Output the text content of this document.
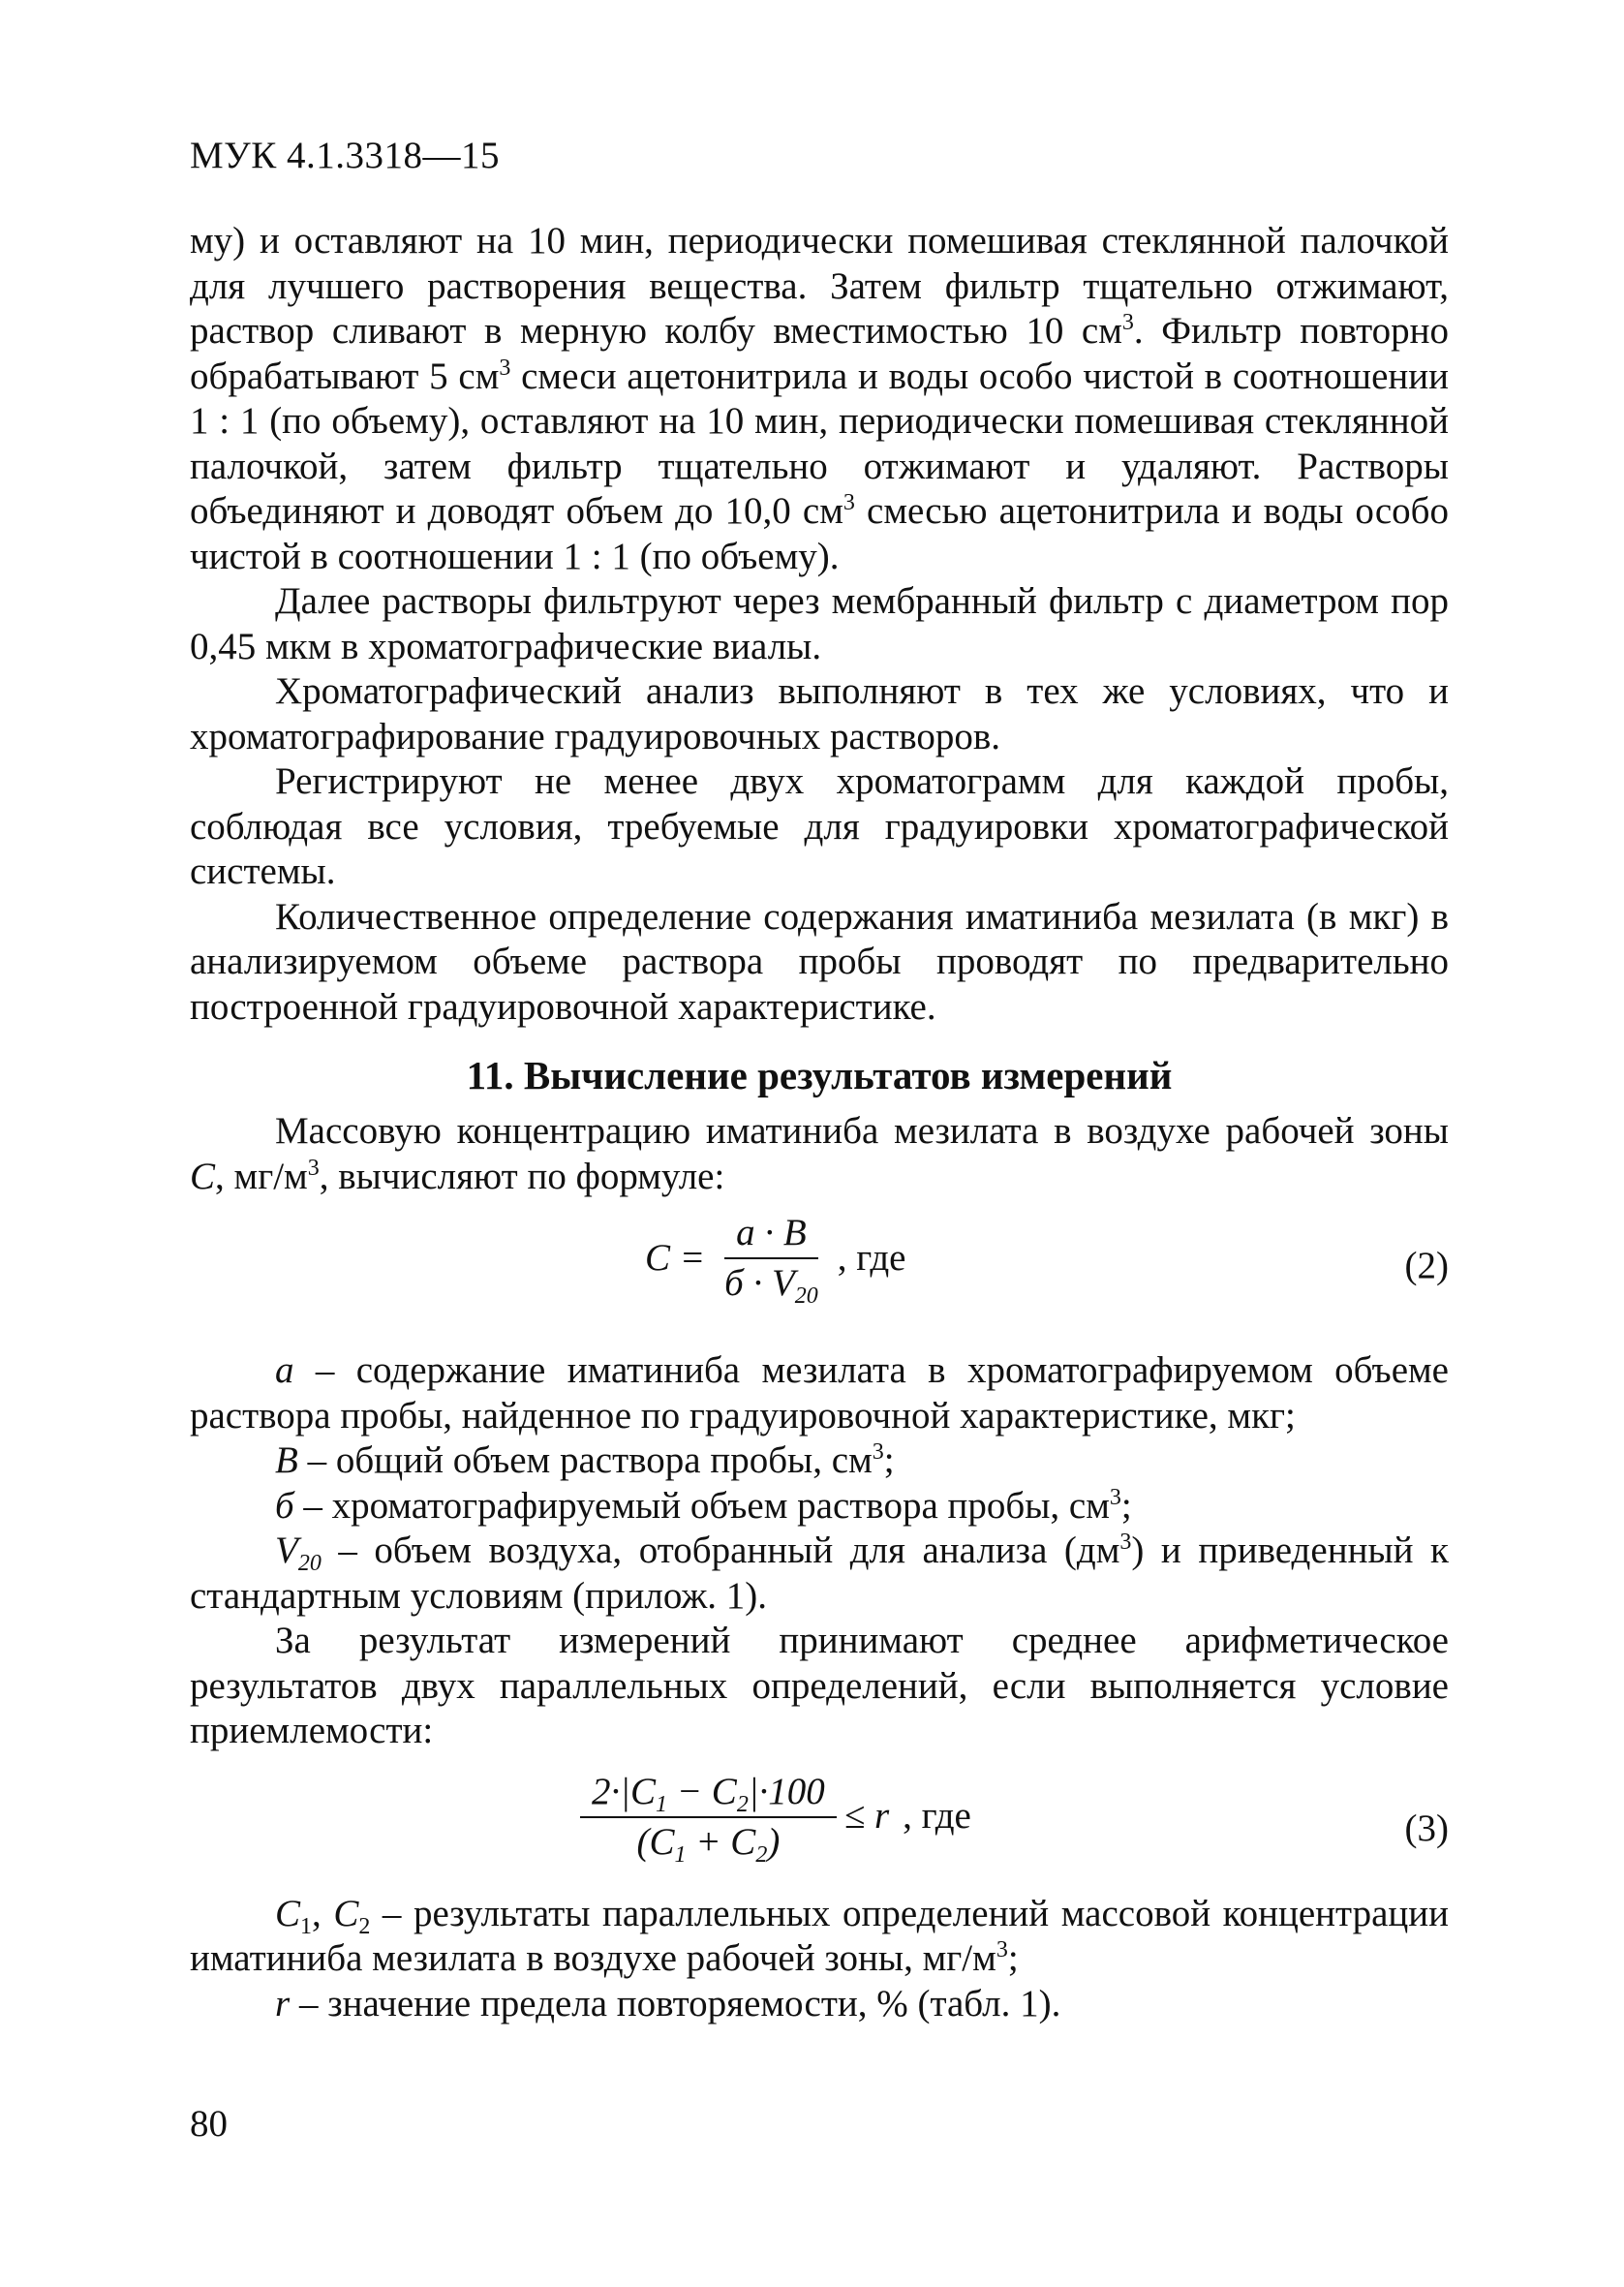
МУК 4.1.3318—15

му) и оставляют на 10 мин, периодически помешивая стеклянной палочкой для лучшего растворения вещества. Затем фильтр тщательно отжимают, раствор сливают в мерную колбу вместимостью 10 $см^3$. Фильтр повторно обрабатывают 5 $см^3$ смеси ацетонитрила и воды особо чистой в соотношении 1 : 1 (по объему), оставляют на 10 мин, периодически помешивая стеклянной палочкой, затем фильтр тщательно отжимают и удаляют. Растворы объединяют и доводят объем до 10,0 $см^3$ смесью ацетонитрила и воды особо чистой в соотношении 1 : 1 (по объему).

Далее растворы фильтруют через мембранный фильтр с диаметром пор 0,45 мкм в хроматографические виалы.

Хроматографический анализ выполняют в тех же условиях, что и хроматографирование градуировочных растворов.

Регистрируют не менее двух хроматограмм для каждой пробы, соблюдая все условия, требуемые для градуировки хроматографической системы.

Количественное определение содержания иматиниба мезилата (в мкг) в анализируемом объеме раствора пробы проводят по предварительно построенной градуировочной характеристике.

11. Вычисление результатов измерений

Массовую концентрацию иматиниба мезилата в воздухе рабочей зоны C, $мг/м^3$, вычисляют по формуле:

$C = \frac{а \cdot B}{б \cdot V_{20}}$ , где	(2)

а – содержание иматиниба мезилата в хроматографируемом объеме раствора пробы, найденное по градуировочной характеристике, мкг;

В – общий объем раствора пробы, $см^3$;

б – хроматографируемый объем раствора пробы, $см^3$;

$V_{20}$ – объем воздуха, отобранный для анализа $(дм^3)$ и приведенный к стандартным условиям (прилож. 1).

За результат измерений принимают среднее арифметическое результатов двух параллельных определений, если выполняется условие приемлемости:

$\frac{2\cdot|C_1 - C_2|\cdot 100}{(C_1 + C_2)} \le r$ , где	(3)

$C_1$, $C_2$ – результаты параллельных определений массовой концентрации иматиниба мезилата в воздухе рабочей зоны, $мг/м^3$;

r – значение предела повторяемости, % (табл. 1).

80
